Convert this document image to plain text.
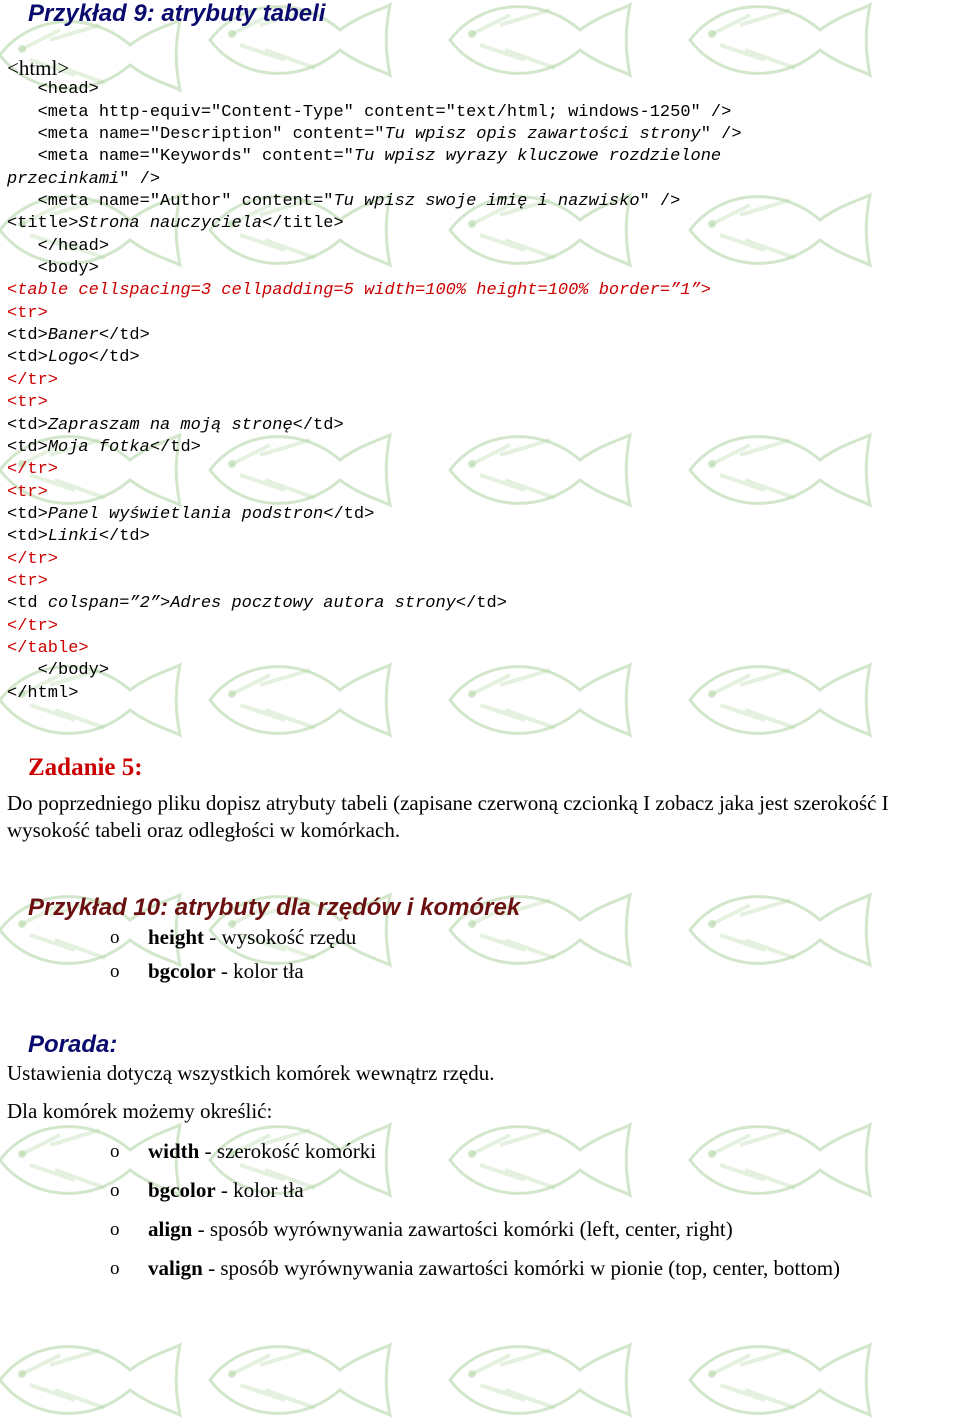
Przykład 9: atrybuty tabeli
<html>
<head>
<meta http-equiv="Content-Type" content="text/html; windows-1250" />
<meta name="Description" content="Tu wpisz opis zawartości strony" />
<meta name="Keywords" content="Tu wpisz wyrazy kluczowe rozdzielone
przecinkami" />
<meta name="Author" content="Tu wpisz swoje imię i nazwisko" />
<title>Strona nauczyciela</title>
</head>
<body>
<table cellspacing=3 cellpadding=5 width=100% height=100% border=”1”>
<tr>
<td>Baner</td>
<td>Logo</td>
</tr>
<tr>
<td>Zapraszam na moją stronę</td>
<td>Moja fotka</td>
</tr>
<tr>
<td>Panel wyświetlania podstron</td>
<td>Linki</td>
</tr>
<tr>
<td colspan=”2”>Adres pocztowy autora strony</td>
</tr>
</table>
</body>
</html>
Zadanie 5:

Do poprzedniego pliku dopisz atrybuty tabeli (zapisane czerwoną czcionką I zobacz jaka jest szerokość I wysokość tabeli oraz odległości w komórkach.

Przykład 10: atrybuty dla rzędów i komórek
o height - wysokość rzędu
o bgcolor - kolor tła
Porada:

Ustawienia dotyczą wszystkich komórek wewnątrz rzędu.

Dla komórek możemy określić:

o width - szerokość komórki
o bgcolor - kolor tła
o align - sposób wyrównywania zawartości komórki (left, center, right)
o valign - sposób wyrównywania zawartości komórki w pionie (top, center, bottom)
